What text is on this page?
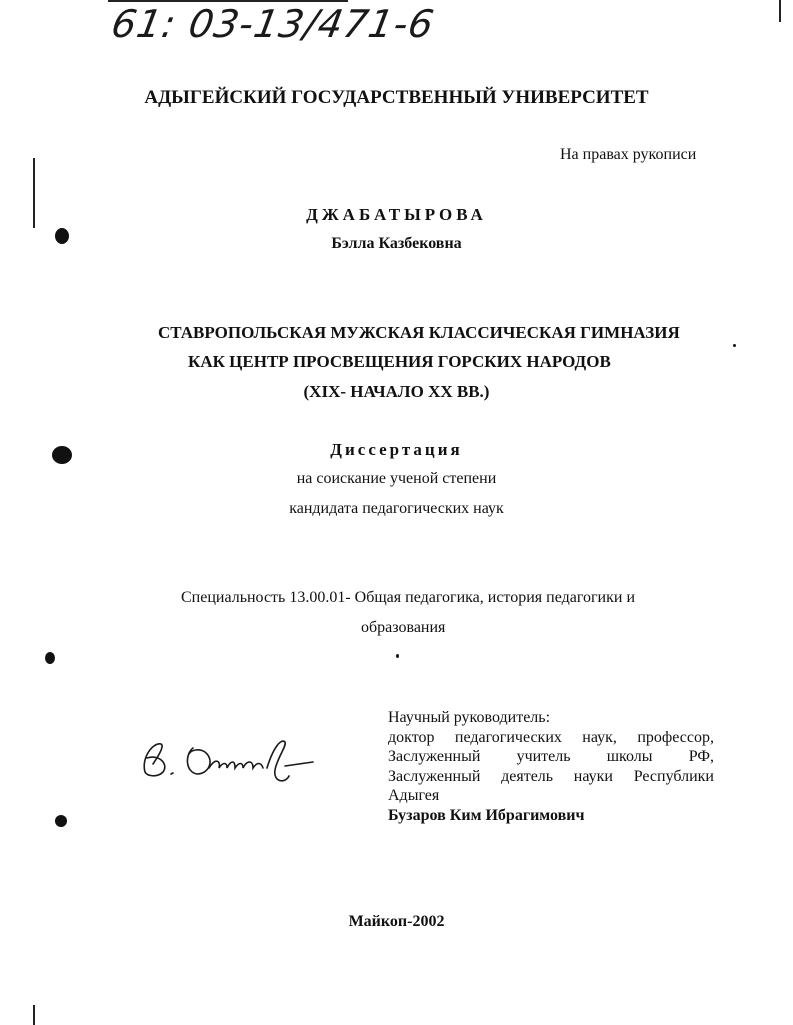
61: 03-13/471-6
АДЫГЕЙСКИЙ ГОСУДАРСТВЕННЫЙ УНИВЕРСИТЕТ
На правах рукописи
ДЖАБАТЫРОВА
Бэлла Казбековна
СТАВРОПОЛЬСКАЯ МУЖСКАЯ КЛАССИЧЕСКАЯ ГИМНАЗИЯ
КАК ЦЕНТР ПРОСВЕЩЕНИЯ ГОРСКИХ НАРОДОВ
(XIX- НАЧАЛО XX ВВ.)
Диссертация
на соискание ученой степени
кандидата педагогических наук
Специальность 13.00.01- Общая педагогика, история педагогики и
образования
Научный руководитель:
доктор педагогических наук, профессор,
Заслуженный учитель школы РФ,
Заслуженный деятель науки Республики
Адыгея
Бузаров Ким Ибрагимович
Майкоп-2002
